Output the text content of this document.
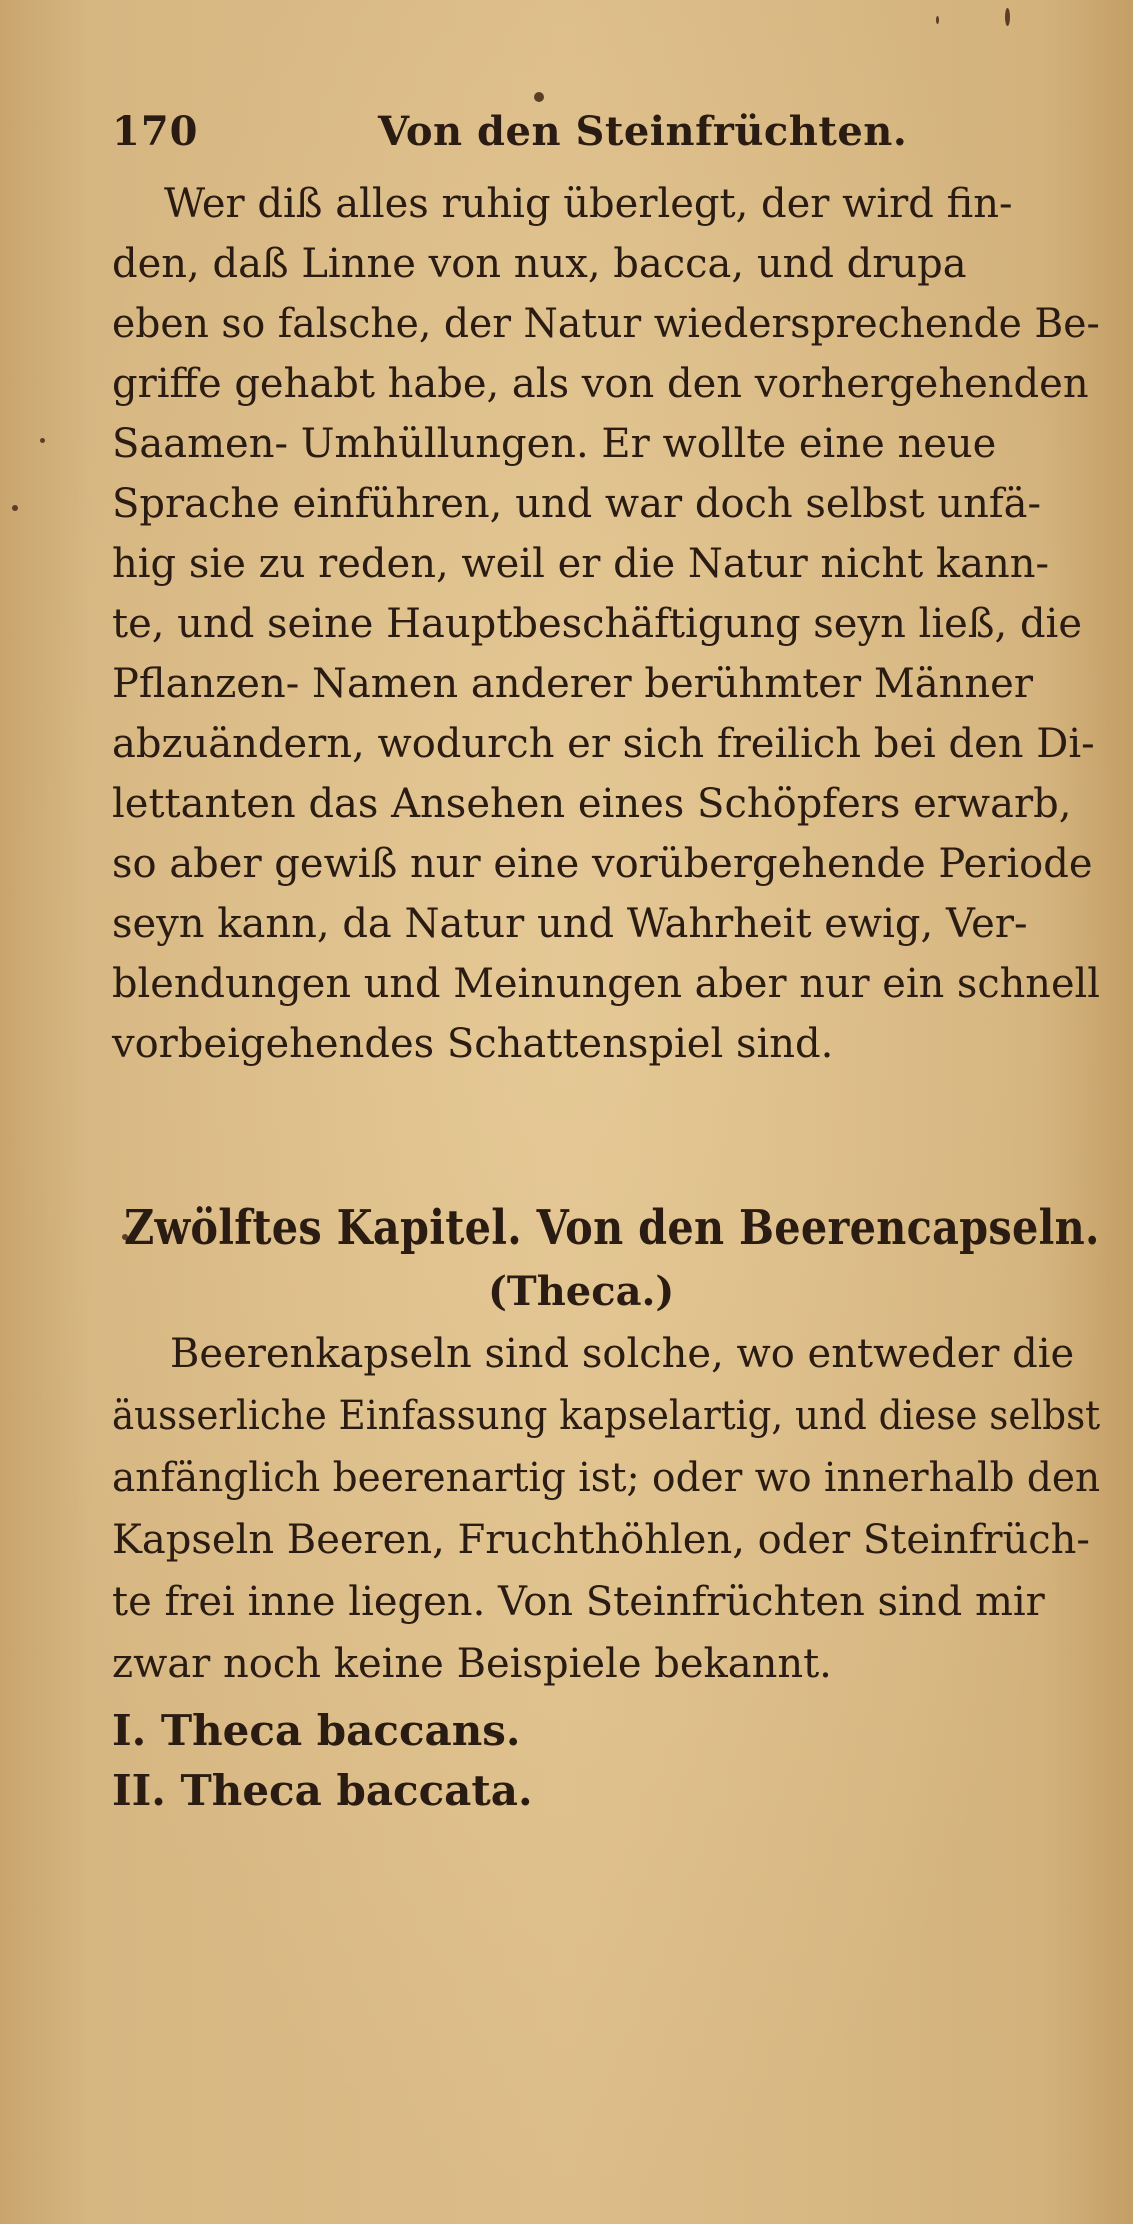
170	Von den Steinfrüchten.
Wer diß alles ruhig überlegt, der wird fin-
den, daß Linne von nux, bacca, und drupa
eben so falsche, der Natur wiedersprechende Be-
griffe gehabt habe, als von den vorhergehenden
Saamen- Umhüllungen. Er wollte eine neue
Sprache einführen, und war doch selbst unfä-
hig sie zu reden, weil er die Natur nicht kann-
te, und seine Hauptbeschäftigung seyn ließ, die
Pflanzen- Namen anderer berühmter Männer
abzuändern, wodurch er sich freilich bei den Di-
lettanten das Ansehen eines Schöpfers erwarb,
so aber gewiß nur eine vorübergehende Periode
seyn kann, da Natur und Wahrheit ewig, Ver-
blendungen und Meinungen aber nur ein schnell
vorbeigehendes Schattenspiel sind.
Zwölftes Kapitel. Von den Beerencapseln.
(Theca.)
Beerenkapseln sind solche, wo entweder die
äusserliche Einfassung kapselartig, und diese selbst
anfänglich beerenartig ist; oder wo innerhalb den
Kapseln Beeren, Fruchthöhlen, oder Steinfrüch-
te frei inne liegen. Von Steinfrüchten sind mir
zwar noch keine Beispiele bekannt.
I. Theca baccans.
II. Theca baccata.
